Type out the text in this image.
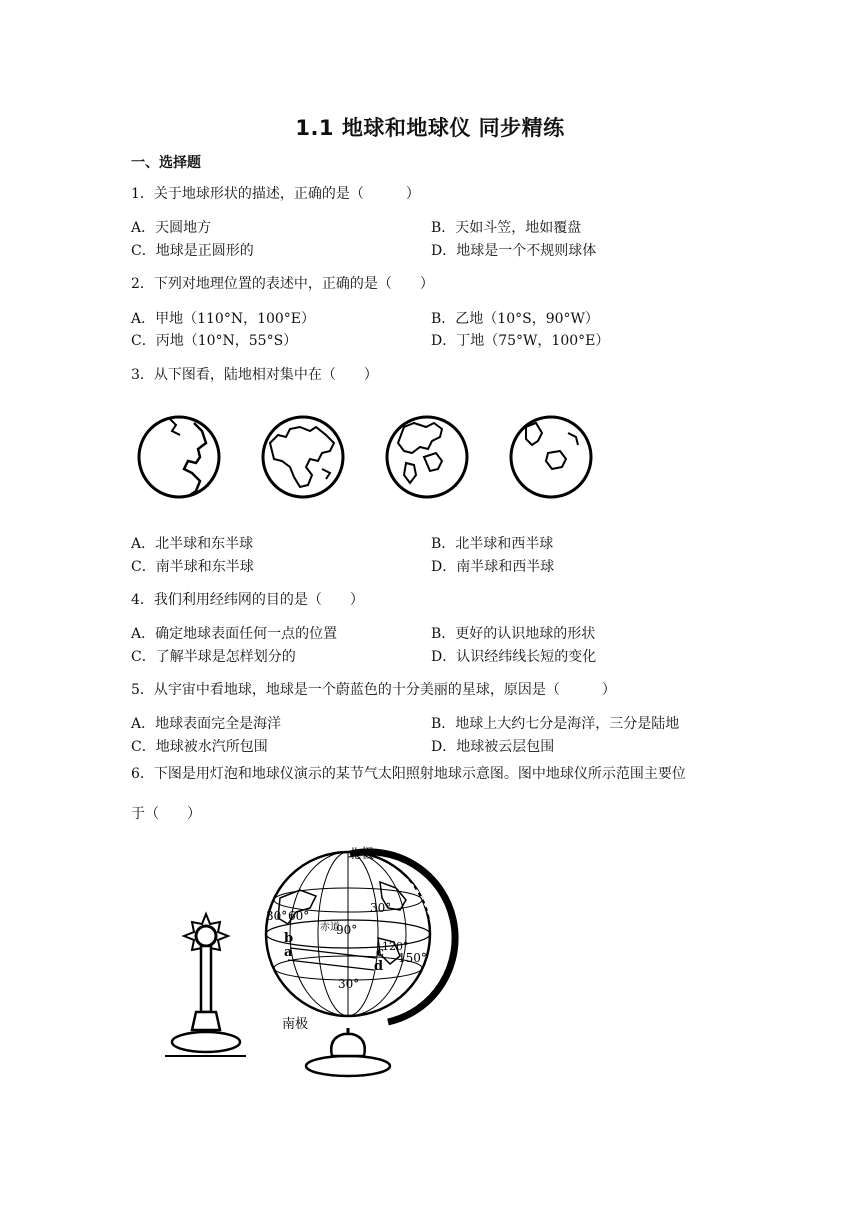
1.1 地球和地球仪 同步精练
一、选择题
1．关于地球形状的描述，正确的是（　　　）
A．天圆地方	B．天如斗笠，地如覆盘
C．地球是正圆形的	D．地球是一个不规则球体
2．下列对地理位置的表述中，正确的是（　　）
A．甲地（110°N，100°E）	B．乙地（10°S，90°W）
C．丙地（10°N，55°S）	D．丁地（75°W，100°E）
3．从下图看，陆地相对集中在（　　）
A．北半球和东半球	B．北半球和西半球
C．南半球和东半球	D．南半球和西半球
4．我们利用经纬网的目的是（　　）
A．确定地球表面任何一点的位置	B．更好的认识地球的形状
C．了解半球是怎样划分的	D．认识经纬线长短的变化
5．从宇宙中看地球，地球是一个蔚蓝色的十分美丽的星球，原因是（　　　）
A．地球表面完全是海洋	B．地球上大约七分是海洋，三分是陆地
C．地球被水汽所包围	D．地球被云层包围
6．下图是用灯泡和地球仪演示的某节气太阳照射地球示意图。图中地球仪所示范围主要位
于（　　）
北极
南极
30°
30°
30° 60°
90°
120°
150°
赤道
a
b
c
d
